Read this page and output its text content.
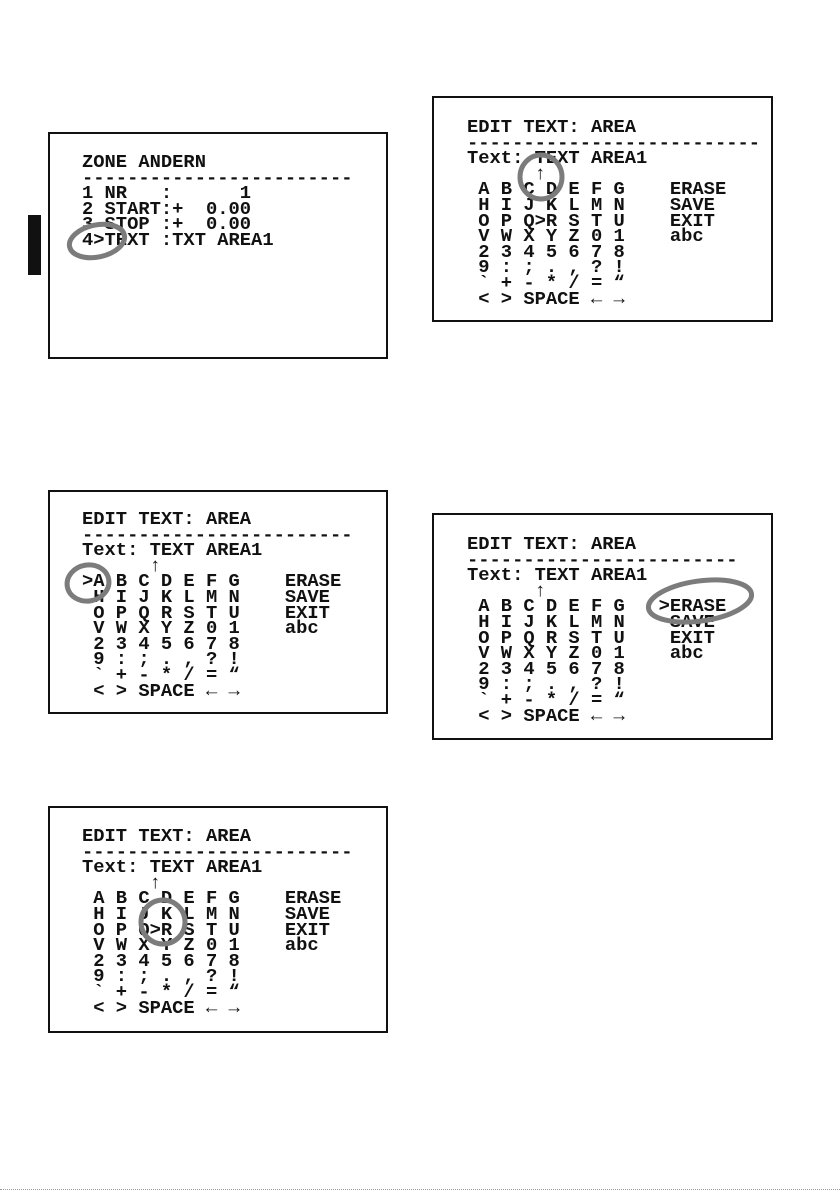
ZONE ANDERN
------------------------
1 NR   :      1
2 START:+  0.00
3 STOP :+  0.00
4>TEXT :TXT AREA1
EDIT TEXT: AREA
--------------------------
Text: TEXT AREA1
↑
A B C D E F G    ERASE
H I J K L M N    SAVE
O P Q>R S T U    EXIT
V W X Y Z 0 1    abc
2 3 4 5 6 7 8
9 : ; . , ? !
` + - * / = “
< > SPACE ← →
EDIT TEXT: AREA
------------------------
Text: TEXT AREA1
↑
>A B C D E F G    ERASE
H I J K L M N    SAVE
O P Q R S T U    EXIT
V W X Y Z 0 1    abc
2 3 4 5 6 7 8
9 : ; . , ? !
` + - * / = “
< > SPACE ← →
EDIT TEXT: AREA
------------------------
Text: TEXT AREA1
↑
A B C D E F G   >ERASE
H I J K L M N    SAVE
O P Q R S T U    EXIT
V W X Y Z 0 1    abc
2 3 4 5 6 7 8
9 : ; . , ? !
` + - * / = “
< > SPACE ← →
EDIT TEXT: AREA
------------------------
Text: TEXT AREA1
↑
A B C D E F G    ERASE
H I J K L M N    SAVE
O P Q>R S T U    EXIT
V W X Y Z 0 1    abc
2 3 4 5 6 7 8
9 : ; . , ? !
` + - * / = “
< > SPACE ← →
